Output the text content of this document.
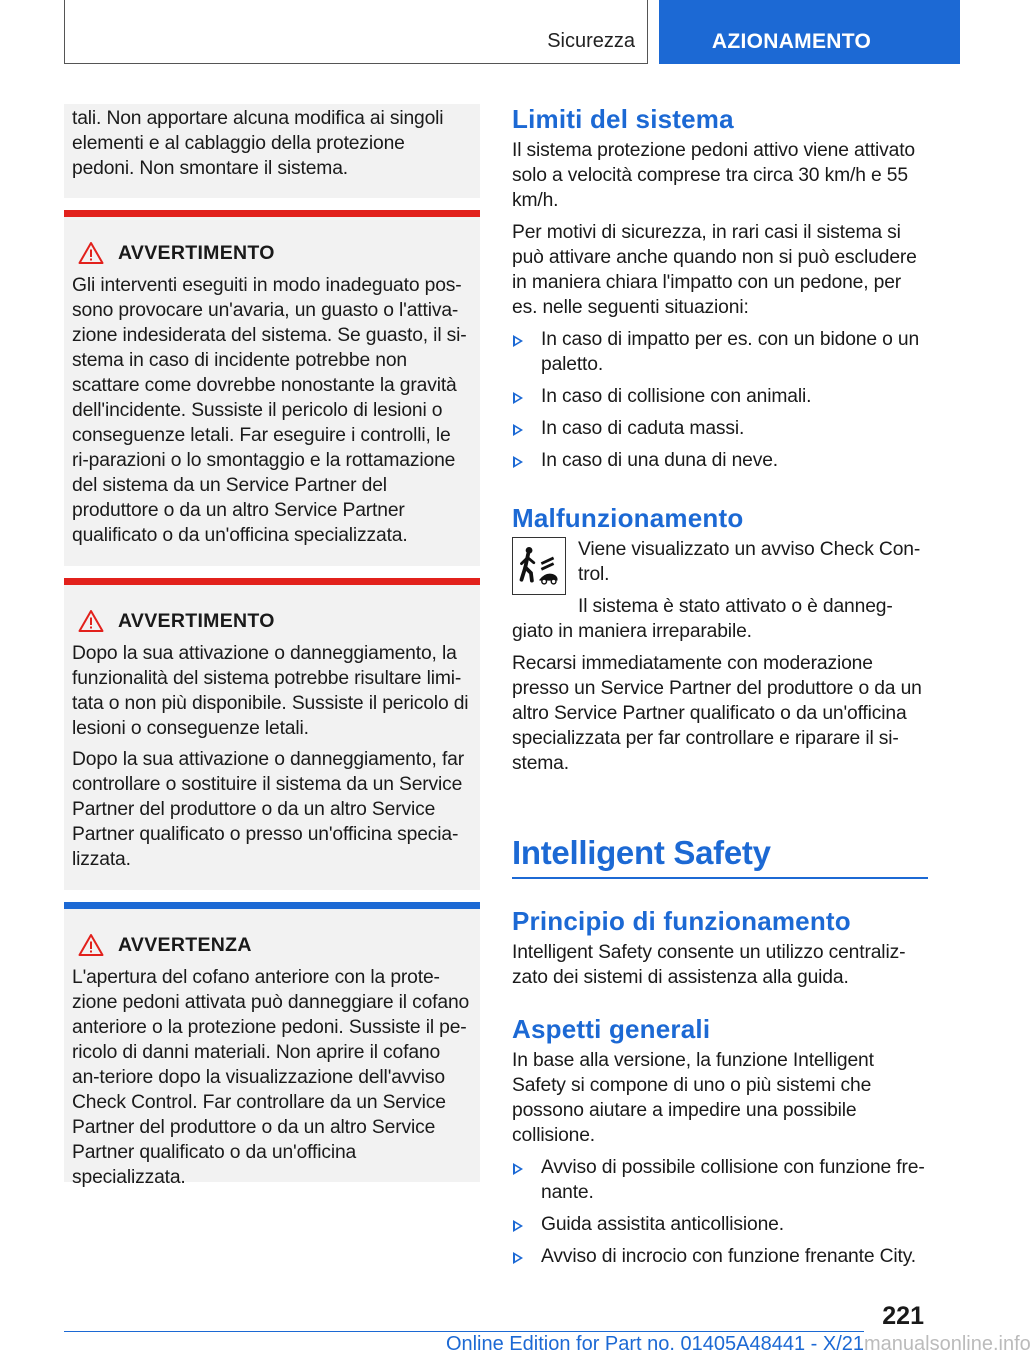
Sicurezza	AZIONAMENTO

tali. Non apportare alcuna modifica ai singoli elementi e al cablaggio della protezione pedoni. Non smontare il sistema.

AVVERTIMENTO

Gli interventi eseguiti in modo inadeguato pos-sono provocare un'avaria, un guasto o l'attiva-zione indesiderata del sistema. Se guasto, il si-stema in caso di incidente potrebbe non scattare come dovrebbe nonostante la gravità dell'incidente. Sussiste il pericolo di lesioni o conseguenze letali. Far eseguire i controlli, le ri-parazioni o lo smontaggio e la rottamazione del sistema da un Service Partner del produttore o da un altro Service Partner qualificato o da un'officina specializzata.

AVVERTIMENTO

Dopo la sua attivazione o danneggiamento, la funzionalità del sistema potrebbe risultare limi-tata o non più disponibile. Sussiste il pericolo di lesioni o conseguenze letali.

Dopo la sua attivazione o danneggiamento, far controllare o sostituire il sistema da un Service Partner del produttore o da un altro Service Partner qualificato o presso un'officina specia-lizzata.

AVVERTENZA

L'apertura del cofano anteriore con la prote-zione pedoni attivata può danneggiare il cofano anteriore o la protezione pedoni. Sussiste il pe-ricolo di danni materiali. Non aprire il cofano an-teriore dopo la visualizzazione dell'avviso Check Control. Far controllare da un Service Partner del produttore o da un altro Service Partner qualificato o da un'officina specializzata.

Limiti del sistema

Il sistema protezione pedoni attivo viene attivato solo a velocità comprese tra circa 30 km/h e 55 km/h.

Per motivi di sicurezza, in rari casi il sistema si può attivare anche quando non si può escludere in maniera chiara l'impatto con un pedone, per es. nelle seguenti situazioni:

In caso di impatto per es. con un bidone o un paletto.
In caso di collisione con animali.
In caso di caduta massi.
In caso di una duna di neve.
Malfunzionamento

Viene visualizzato un avviso Check Con-trol.

Il sistema è stato attivato o è danneg-

giato in maniera irreparabile.

Recarsi immediatamente con moderazione presso un Service Partner del produttore o da un altro Service Partner qualificato o da un'officina specializzata per far controllare e riparare il si-stema.

Intelligent Safety
Principio di funzionamento

Intelligent Safety consente un utilizzo centraliz-zato dei sistemi di assistenza alla guida.

Aspetti generali

In base alla versione, la funzione Intelligent Safety si compone di uno o più sistemi che possono aiutare a impedire una possibile collisione.

Avviso di possibile collisione con funzione fre-nante.
Guida assistita anticollisione.
Avviso di incrocio con funzione frenante City.
221
Online Edition for Part no. 01405A48441 - X/21 manualsonline.info
